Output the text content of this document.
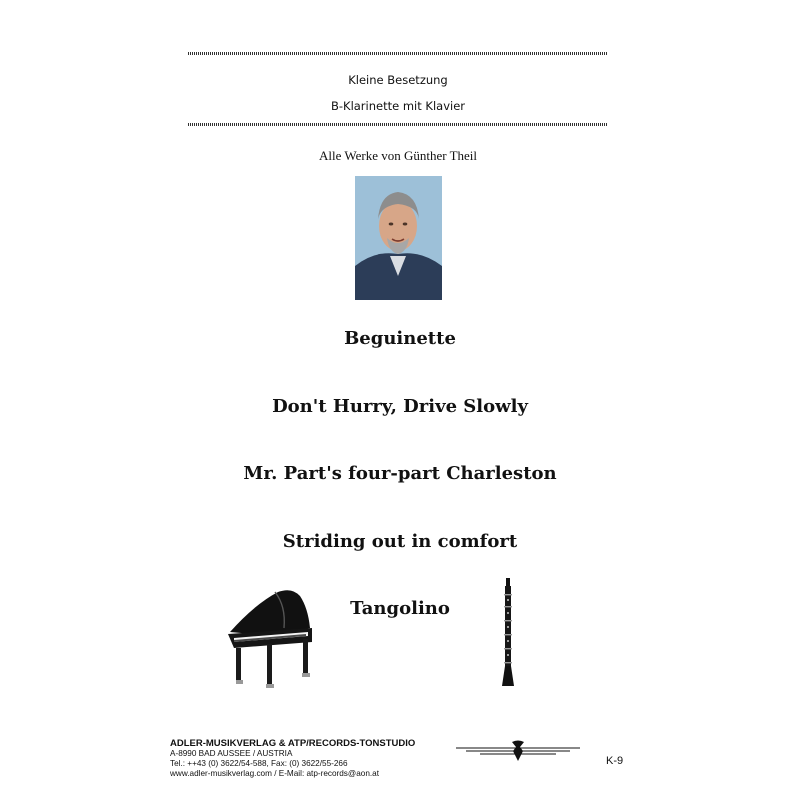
Kleine Besetzung
B-Klarinette mit Klavier
Alle Werke von Günther Theil
Beguinette
Don't Hurry, Drive Slowly
Mr. Part's four-part Charleston
Striding out in comfort
Tangolino
ADLER-MUSIKVERLAG & ATP/RECORDS-TONSTUDIO
A-8990 BAD AUSSEE / AUSTRIA
Tel.: ++43 (0) 3622/54-588, Fax: (0) 3622/55-266
www.adler-musikverlag.com / E-Mail: atp-records@aon.at
K-9
